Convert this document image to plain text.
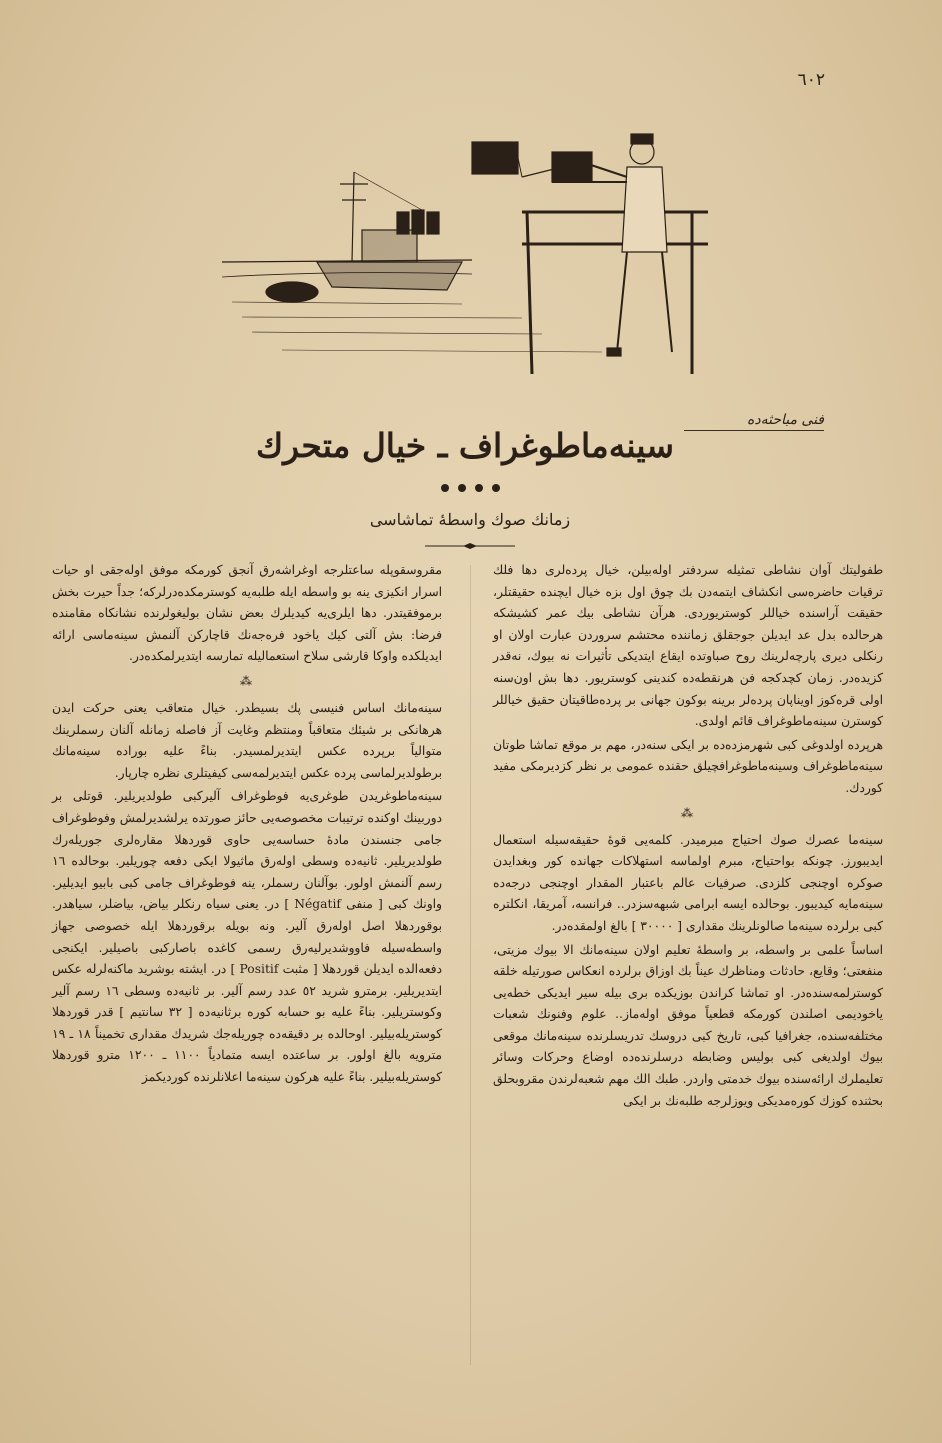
٦٠٢
فنی مباحثه‌ده
سینه‌ماطوغراف ـ خیال متحرك
زمانك صوك واسطهٔ تماشاسی

طفولیتك آوان نشاطی تمثیله سردفتر اوله‌بیلن، خیال پرده‌لری دها فلك ترقیات حاضره‌سی انکشاف ایتمه‌دن بك چوق اول بزه خیال ایچنده حقیقتلر، حقیقت آراسنده خیاللر کوستریوردی. هرآن نشاطی بیك عمر کشیشکه هرحالده بدل عد ایدیلن جوجقلق زماننده محتشم سروردن عبارت اولان او رنکلی دیری پارچه‌لرینك روح صباوتده ایقاع ایتدیکی تأثیرات نه بیوك، نه‌قدر کزیده‌در. زمان کچدکجه فن هرنقطه‌ده کندینی کوستریور. دها بش اون‌سنه اولی قره‌کوز اویناپان پرده‌لر برینه بوکون جهانی بر پرده‌طاقیتان حقیق خیاللر کوسترن سینه‌ماطوغراف قائم اولدی.

هرپرده اولدوغی کبی شهرمزده‌ده بر ایکی سنه‌در، مهم بر موقع تماشا طوتان سینه‌ماطوغراف وسینه‌ماطوغرافچیلق حقنده عمومی بر نظر کزدیرمکی مفید کوردك.

⁂

سینه‌ما عصرك صوك احتیاج مبرمیدر. کلمه‌یی قوهٔ حقیقه‌سیله استعمال ایدیبورز. چونکه بواحتیاج، مبرم اولماسه استهلاکات جهانده کور وبغدایدن صوکره اوچنجی کلزدی. صرفیات عالم باعتبار المقدار اوچنجی درجه‌ده سینه‌مایه کیدیبور. بوحالده ایسه ابرامی شبهه‌سزدر.. فرانسه، آمریقا، انکلتره کبی برلرده سینه‌ما صالونلرینك مقداری [ ٣٠٠٠٠ ] بالغ اولمقده‌در.

اساساً علمی بر واسطه، بر واسطهٔ تعلیم اولان سینه‌مانك الا بیوك مزیتی، منفعتی؛ وقایع، حادثات ومناظرك عیناً بك اوزاق برلرده انعکاس صورتیله خلقه کوسترلمه‌سنده‌در. او تماشا کراندن بوزیکده بری بیله سیر ایدیکی خطه‌یی یاخودیمی اصلندن کورمکه قطعیاً موفق اوله‌ماز.. علوم وفنونك شعبات مختلفه‌سنده، جغرافیا کبی، تاریخ کبی دروسك تدریسلرنده سینه‌مانك موقعی بیوك اولدیغی کبی بولیس وضابطه درسلرنده‌ده اوضاع وحرکات وسائر تعلیملرك ارائه‌سنده بیوك خدمتی واردر. طبك الك مهم شعبه‌لرندن مقروبحلق بحثنده کوزك کوره‌مدیکی ویوزلرجه طلبه‌نك بر ایکی

مقروسقوپله ساعتلرجه اوغراشه‌رق آنجق کورمکه موفق اوله‌جقی او حیات اسرار انکیزی ینه بو واسطه ایله طلبه‌یه کوسترمکده‌درلرکه؛ جداً حیرت بخش برموفقیتدر. دها ایلری‌یه کیدیلرك بعض نشان بولیغولرنده نشانکاه مقامنده فرضا: بش آلتی کیك یاخود فره‌جه‌نك قاچارکن آلنمش سینه‌ماسی ارائه ایدیلکده واوکا قارشی سلاح استعمالیله تمارسه ایتدیرلمکده‌در.

⁂

سینه‌مانك اساس فنیسی پك بسیطدر. خیال متعاقب یعنی حرکت ایدن هرهانکی بر شیئك متعاقباً ومنتظم وغایت آز فاصله زمانله آلنان رسملرینك متوالیاً برپرده عکس ایتدیرلمسیدر. بناءً علیه بوراده سینه‌مانك برطولدیرلماسی پرده عکس ایتدیرلمه‌سی کیفیتلری نظره چارپار.

سینه‌ماطوغریدن طوغری‌یه فوطوغراف آلیرکبی طولدیریلیر. قوتلی بر دوربینك اوکنده ترتیبات مخصوصه‌یی حائز صورتده یرلشدیرلمش وفوطوغراف جامی جنسندن مادهٔ حساسه‌یی حاوی قوردهلا مقاره‌لری جوریله‌رك طولدیریلیر. ثانیه‌ده وسطی اوله‌رق ماثیولا ایکی دفعه چوریلیر. بوحالده ١٦ رسم آلنمش اولور. بوآلنان رسملر، ینه فوطوغراف جامی کبی بابیو ایدیلیر. واونك کبی [ منفی Négatif ] در. یعنی سیاه رنکلر بیاض، بیاضلر، سیاهدر. بوقوردهلا اصل اوله‌رق آلیر. ونه بویله برقوردهلا ایله خصوصی جهاز واسطه‌سیله فاووشدیرلیه‌رق رسمی کاغده باصارکبی باصیلیر. ایکنجی دفعه‌الده ایدیلن قوردهلا [ مثبت Positif ] در. ایشته بوشرید ماکنه‌لرله عکس ایتدیریلیر. برمترو شرید ٥٢ عدد رسم آلیر. بر ثانیه‌ده وسطی ١٦ رسم آلیر وکوستریلیر. بناءً علیه بو حسابه کوره برثانیه‌ده [ ٣٢ سانتیم ] قدر قوردهلا کوستریله‌بیلیر. اوحالده بر دقیقه‌ده چوریله‌جك شریدك مقداری تخمیناً ١٨ ـ ١٩ مترویه بالغ اولور. بر ساعتده ایسه متمادیاً ١١٠٠ ـ ١٢٠٠ مترو قوردهلا کوستریله‌بیلیر. بناءً علیه هرکون سینه‌ما اعلانلرنده کوردیکمز
